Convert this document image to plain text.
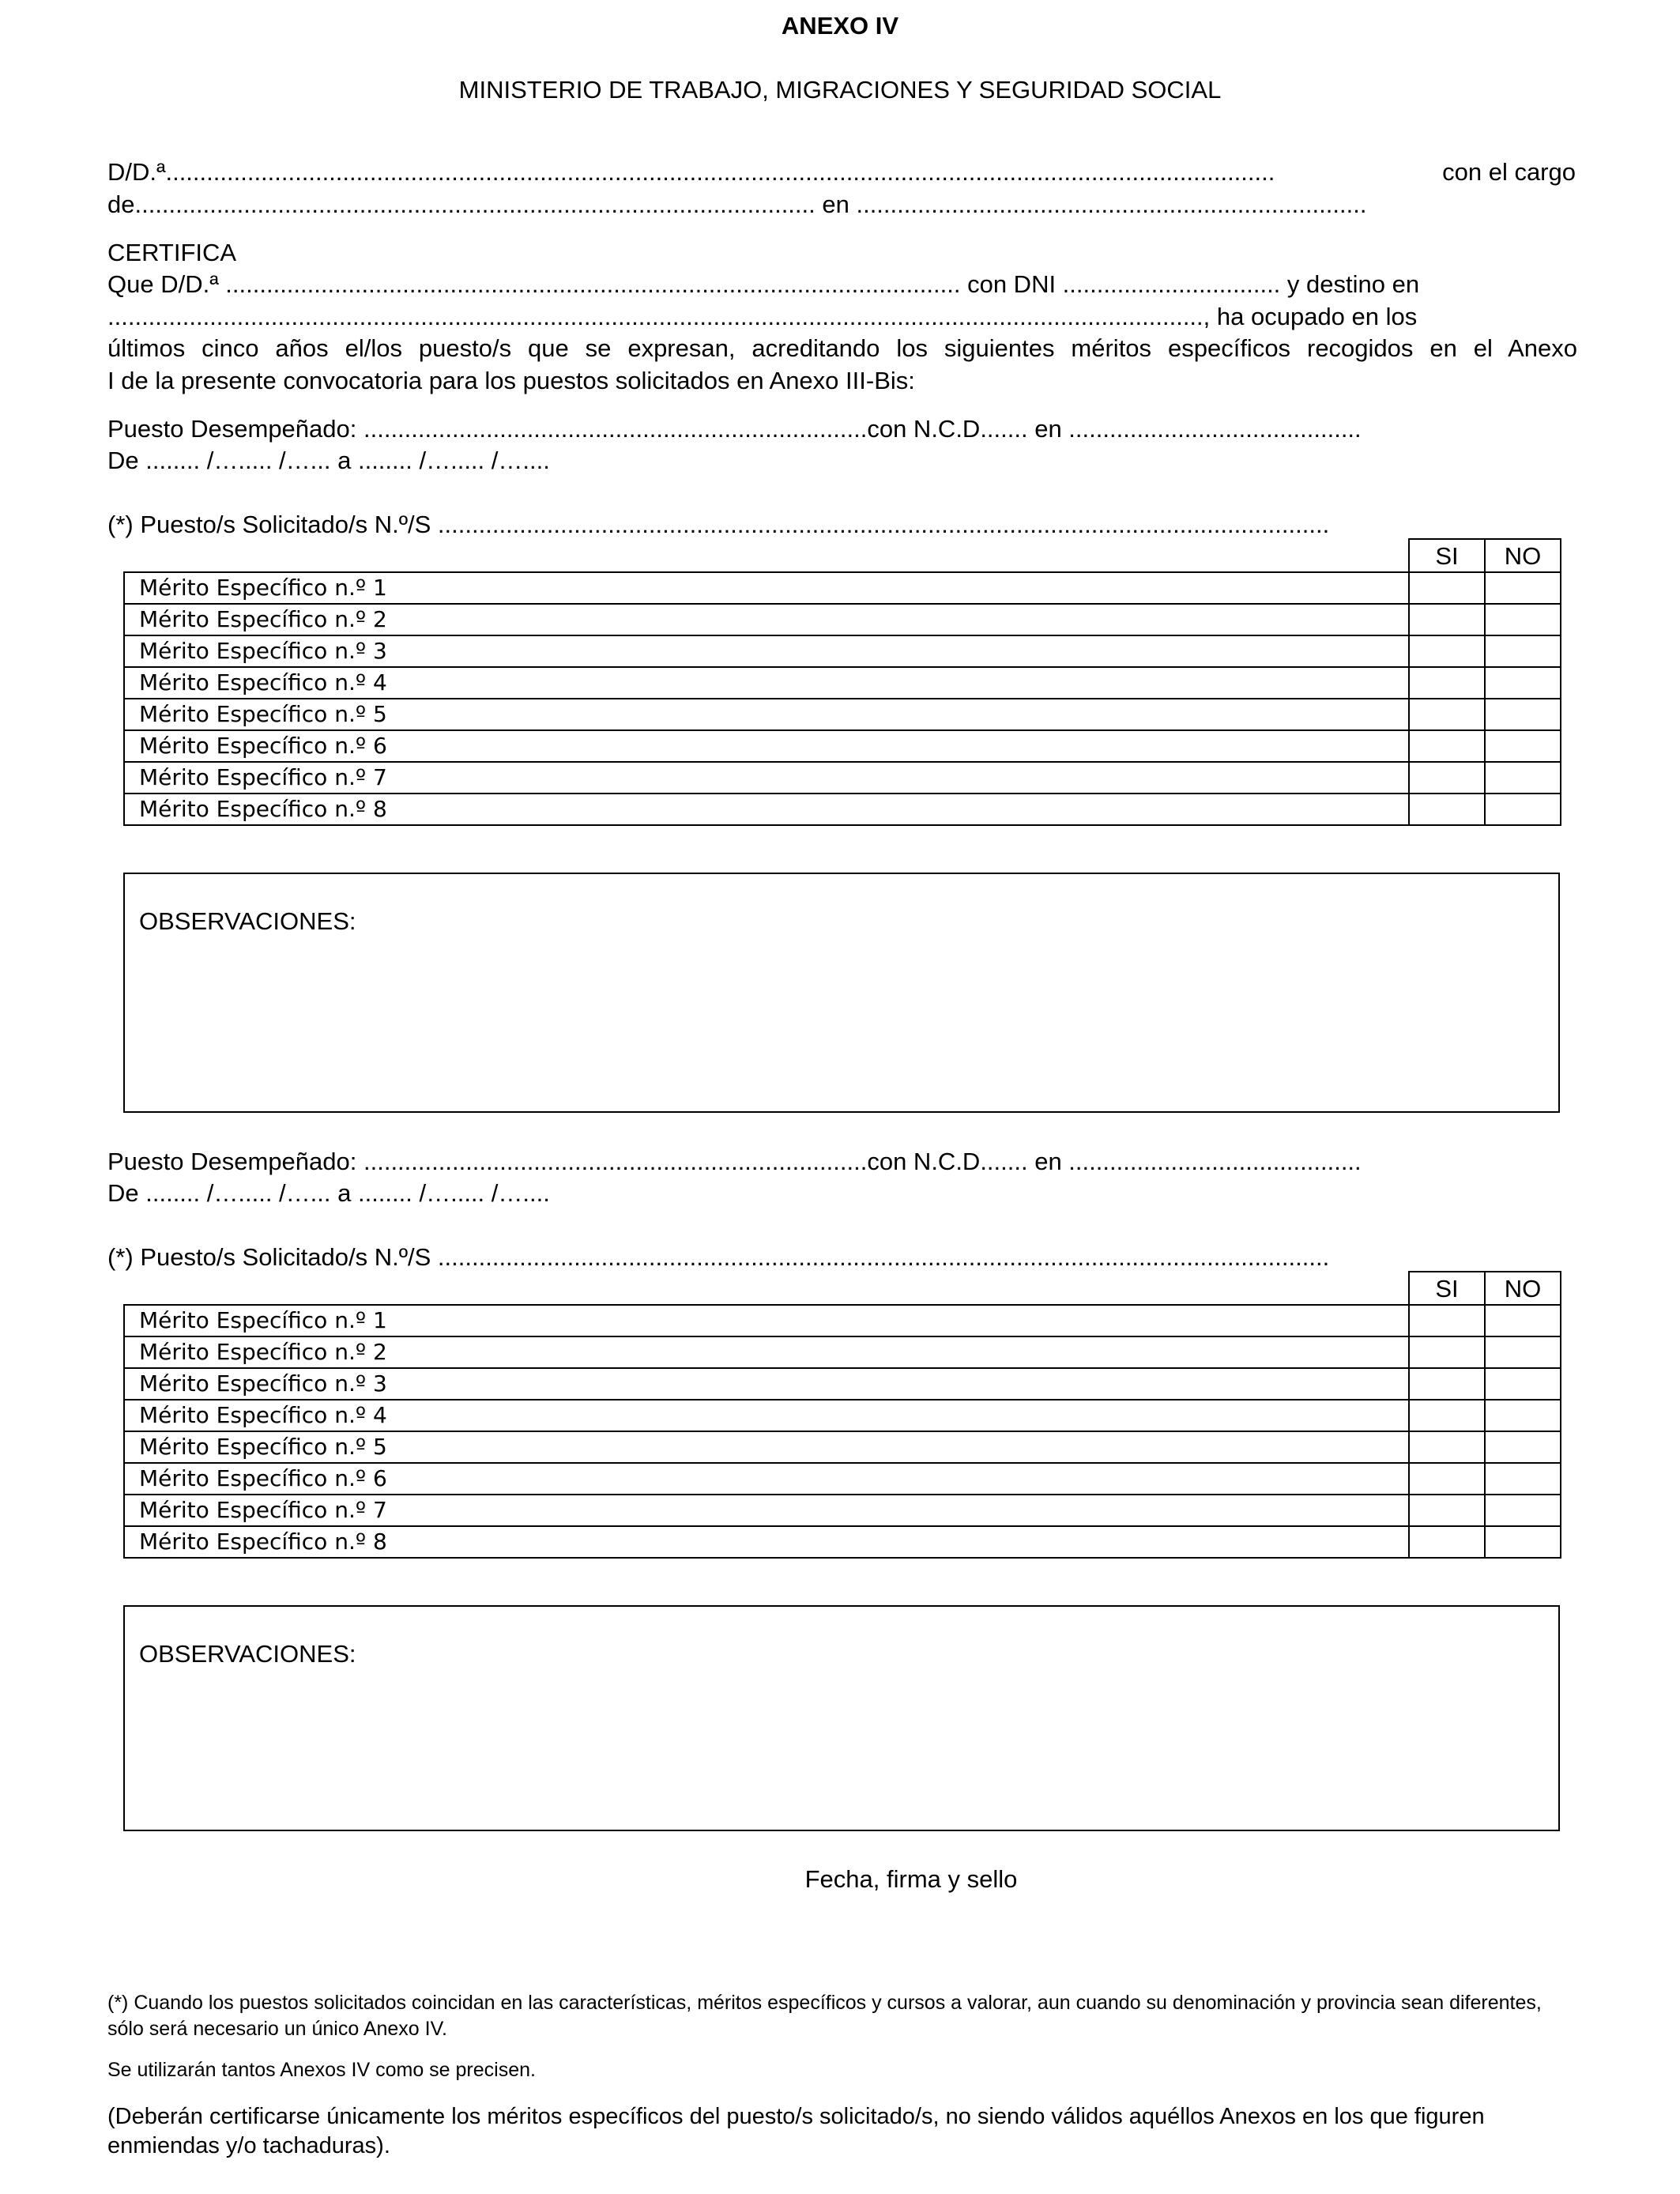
ANEXO IV
MINISTERIO DE TRABAJO, MIGRACIONES Y SEGURIDAD SOCIAL
D/D.ª...................................................................................................................................................................	con el cargo
de.................................................................................................... en ...........................................................................
CERTIFICA
Que D/D.ª ............................................................................................................ con DNI ................................ y destino en
................................................................................................................................................................., ha ocupado en los
últimos cinco años el/los puesto/s que se expresan, acreditando los siguientes méritos específicos recogidos en el Anexo
I de la presente convocatoria para los puestos solicitados en Anexo III-Bis:
Puesto Desempeñado: ..........................................................................con N.C.D....... en ...........................................
De ........ /…..... /…... a ........ /…..... /…....
(*) Puesto/s Solicitado/s N.º/S ...................................................................................................................................
	SI	NO
Mérito Específico n.º 1		
Mérito Específico n.º 2		
Mérito Específico n.º 3		
Mérito Específico n.º 4		
Mérito Específico n.º 5		
Mérito Específico n.º 6		
Mérito Específico n.º 7		
Mérito Específico n.º 8		
OBSERVACIONES:
Puesto Desempeñado: ..........................................................................con N.C.D....... en ...........................................
De ........ /…..... /…... a ........ /…..... /…....
(*) Puesto/s Solicitado/s N.º/S ...................................................................................................................................
	SI	NO
Mérito Específico n.º 1		
Mérito Específico n.º 2		
Mérito Específico n.º 3		
Mérito Específico n.º 4		
Mérito Específico n.º 5		
Mérito Específico n.º 6		
Mérito Específico n.º 7		
Mérito Específico n.º 8		
OBSERVACIONES:
Fecha, firma y sello
(*) Cuando los puestos solicitados coincidan en las características, méritos específicos y cursos a valorar, aun cuando su denominación y provincia sean diferentes, sólo será necesario un único Anexo IV.
Se utilizarán tantos Anexos IV como se precisen.
(Deberán certificarse únicamente los méritos específicos del puesto/s solicitado/s, no siendo válidos aquéllos Anexos en los que figuren enmiendas y/o tachaduras).
